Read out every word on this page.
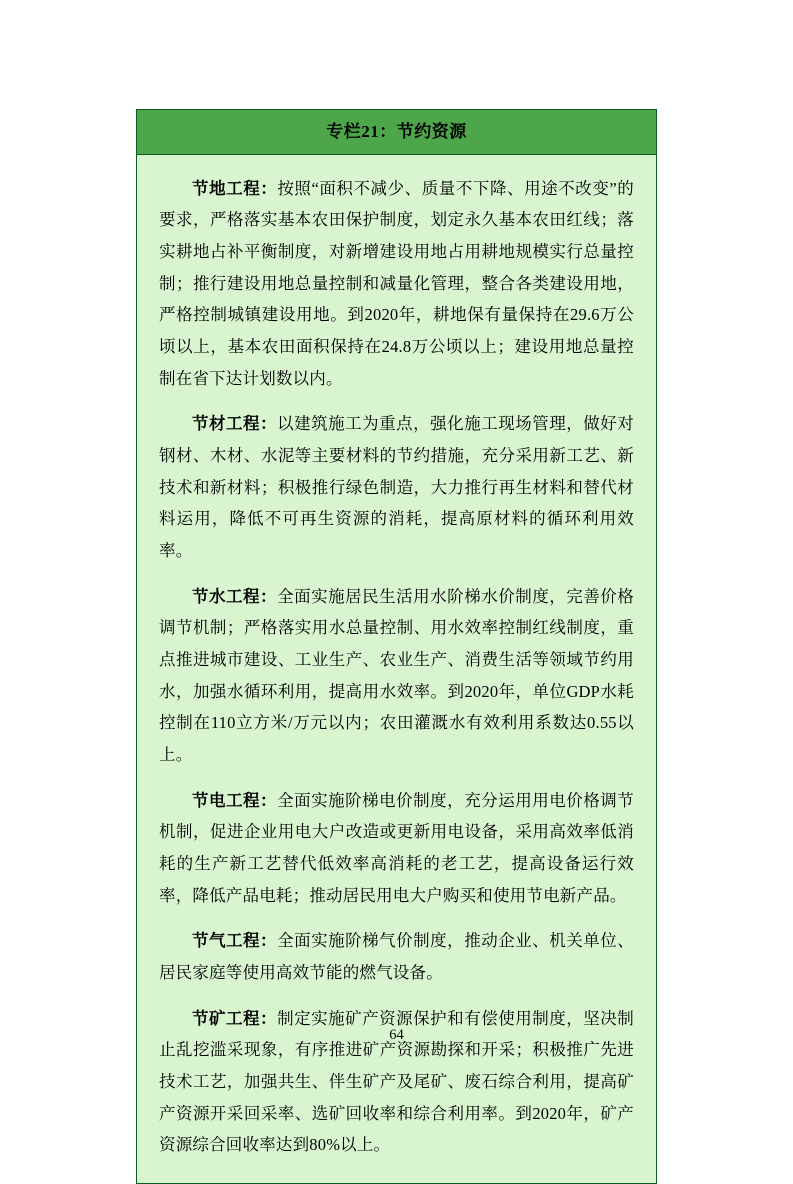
专栏21：节约资源

节地工程：按照“面积不减少、质量不下降、用途不改变”的要求，严格落实基本农田保护制度，划定永久基本农田红线；落实耕地占补平衡制度，对新增建设用地占用耕地规模实行总量控制；推行建设用地总量控制和减量化管理，整合各类建设用地，严格控制城镇建设用地。到2020年，耕地保有量保持在29.6万公顷以上，基本农田面积保持在24.8万公顷以上；建设用地总量控制在省下达计划数以内。

节材工程：以建筑施工为重点，强化施工现场管理，做好对钢材、木材、水泥等主要材料的节约措施，充分采用新工艺、新技术和新材料；积极推行绿色制造，大力推行再生材料和替代材料运用，降低不可再生资源的消耗，提高原材料的循环利用效率。

节水工程：全面实施居民生活用水阶梯水价制度，完善价格调节机制；严格落实用水总量控制、用水效率控制红线制度，重点推进城市建设、工业生产、农业生产、消费生活等领域节约用水，加强水循环利用，提高用水效率。到2020年，单位GDP水耗控制在110立方米/万元以内；农田灌溉水有效利用系数达0.55以上。

节电工程：全面实施阶梯电价制度，充分运用用电价格调节机制，促进企业用电大户改造或更新用电设备，采用高效率低消耗的生产新工艺替代低效率高消耗的老工艺，提高设备运行效率，降低产品电耗；推动居民用电大户购买和使用节电新产品。

节气工程：全面实施阶梯气价制度，推动企业、机关单位、居民家庭等使用高效节能的燃气设备。

节矿工程：制定实施矿产资源保护和有偿使用制度，坚决制止乱挖滥采现象，有序推进矿产资源勘探和开采；积极推广先进技术工艺，加强共生、伴生矿产及尾矿、废石综合利用，提高矿产资源开采回采率、选矿回收率和综合利用率。到2020年，矿产资源综合回收率达到80%以上。

64
